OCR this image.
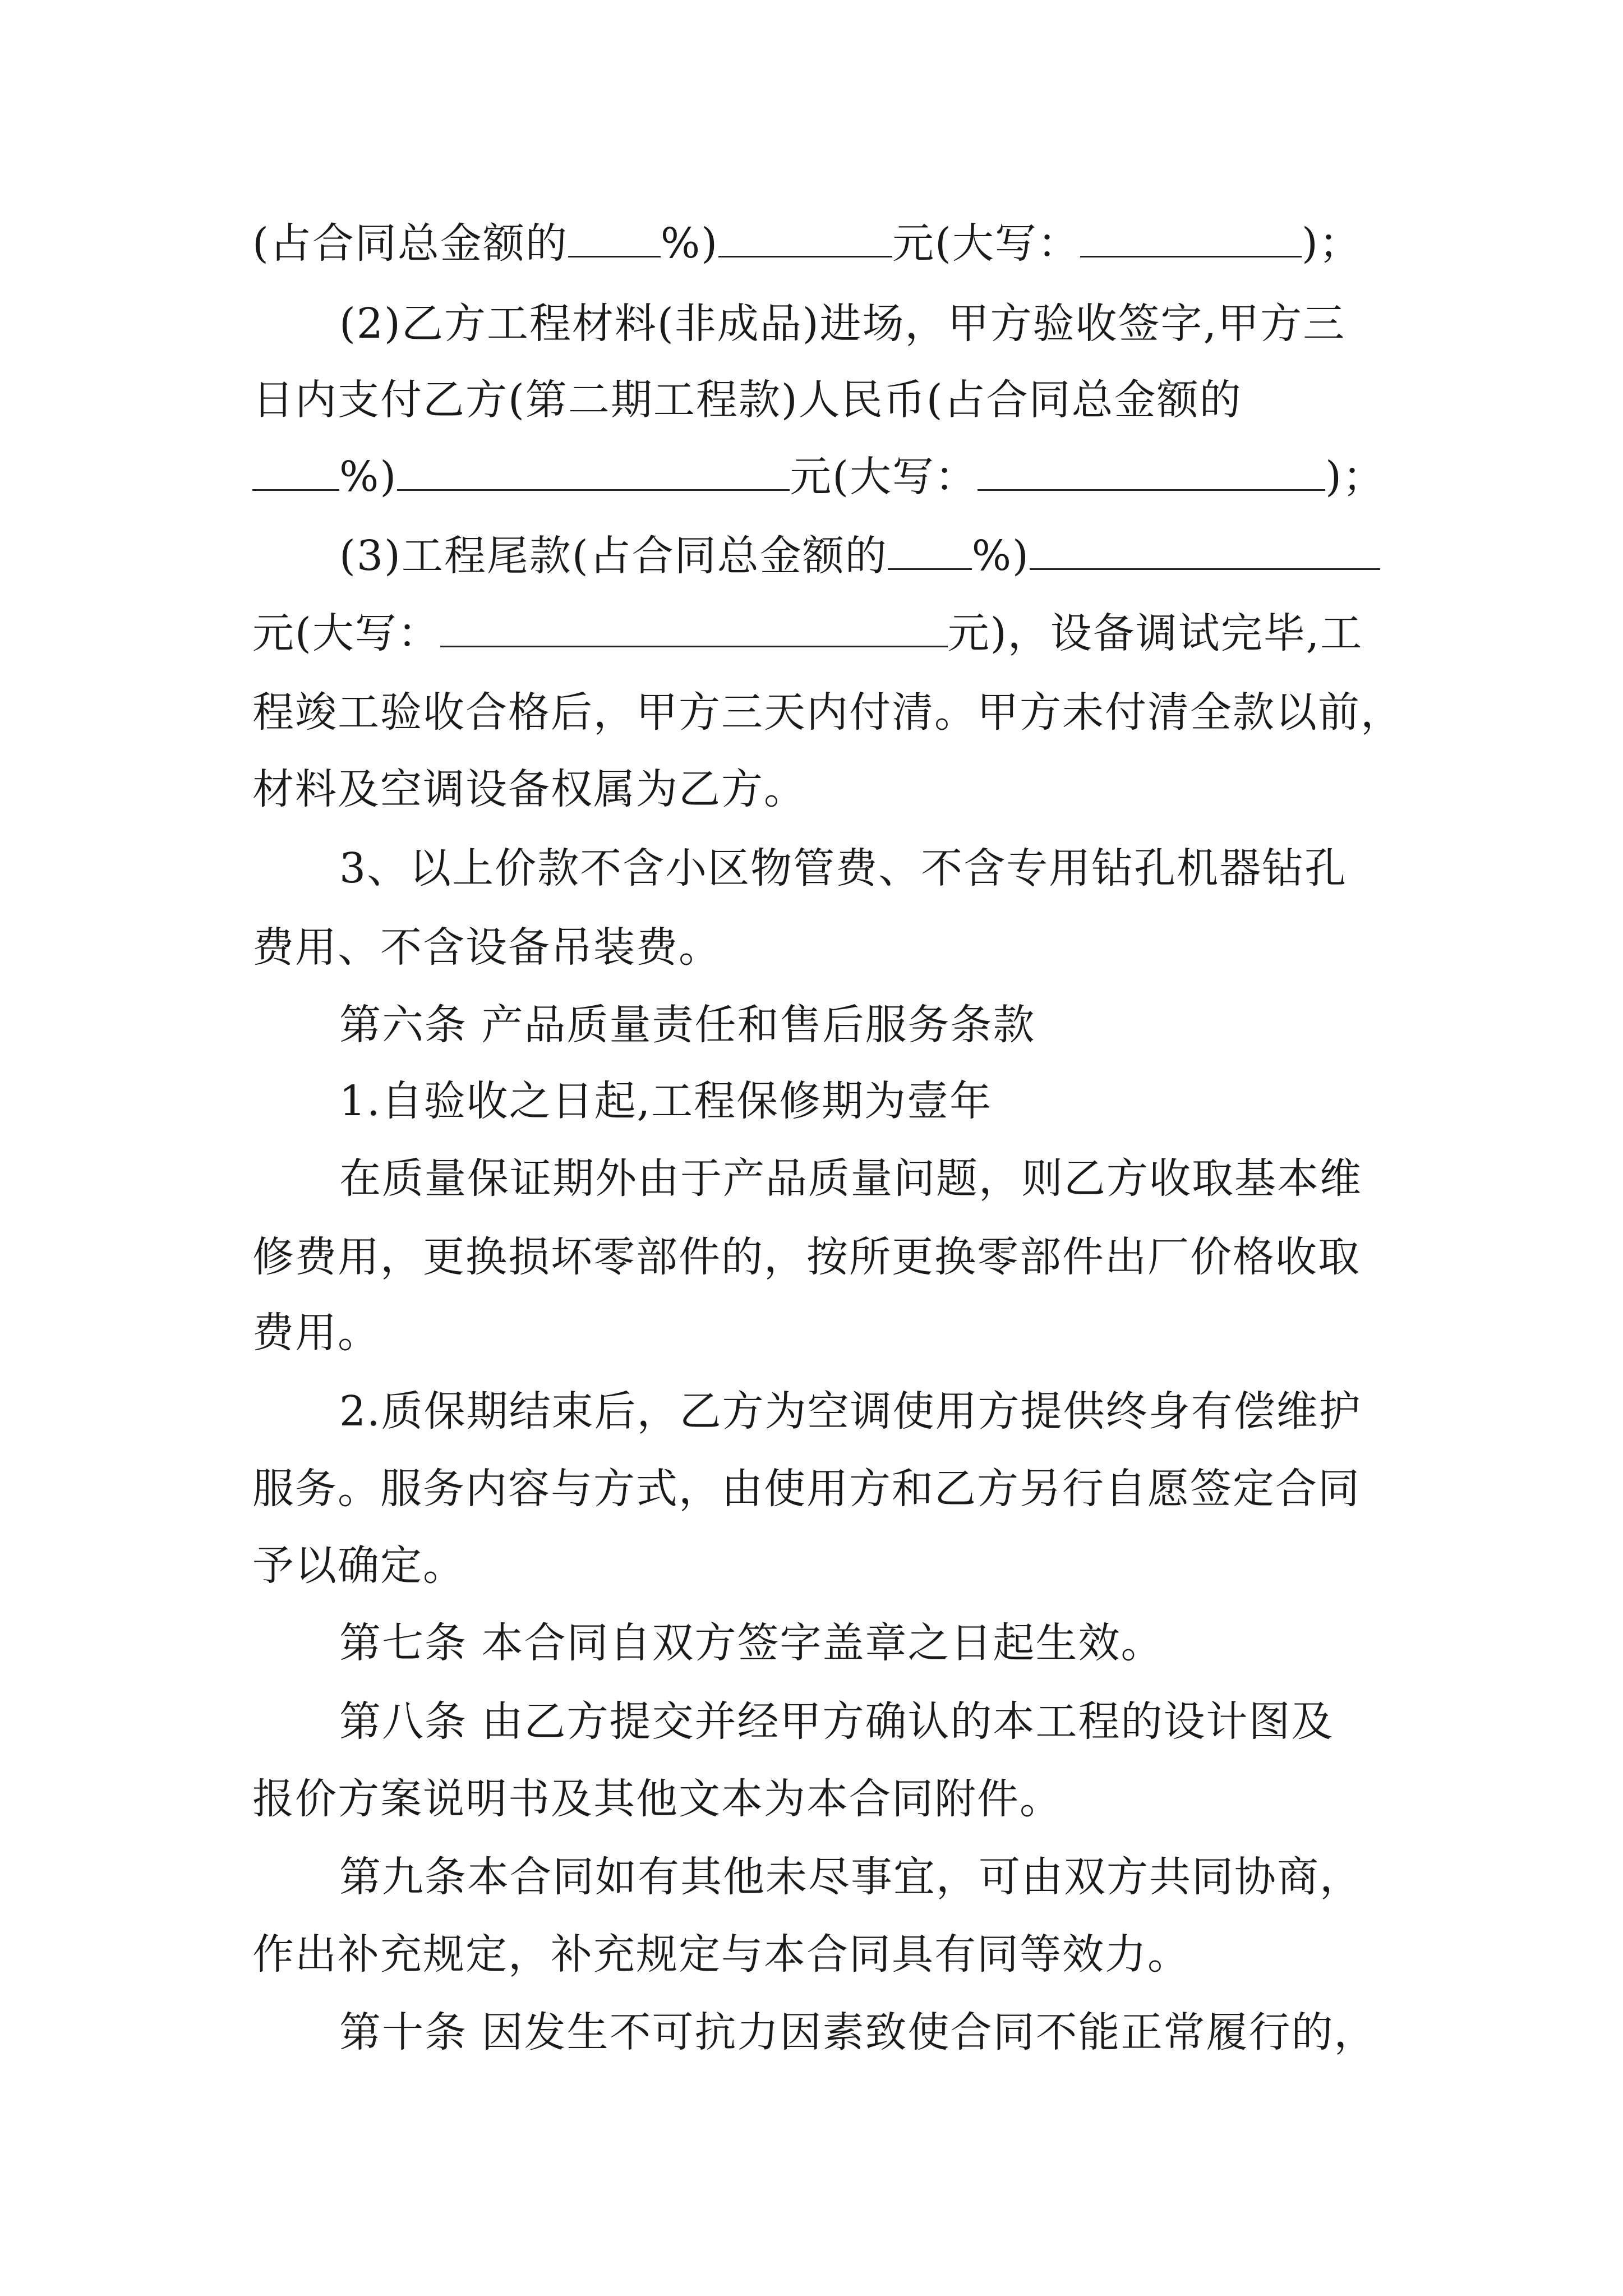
(占合同总金额的 %)	元(大写：	)；
(2)乙方工程材料(非成品)进场，甲方验收签字,甲方三
日内支付乙方(第二期工程款)人民币(占合同总金额的
%)	元(大写：	)；
(3)工程尾款(占合同总金额的 %)
元(大写：	元)，设备调试完毕,工
程竣工验收合格后，甲方三天内付清。甲方未付清全款以前，
材料及空调设备权属为乙方。
3、以上价款不含小区物管费、不含专用钻孔机器钻孔
费用、不含设备吊装费。
第六条 产品质量责任和售后服务条款
1.自验收之日起,工程保修期为壹年
在质量保证期外由于产品质量问题，则乙方收取基本维
修费用，更换损坏零部件的，按所更换零部件出厂价格收取
费用。
2.质保期结束后，乙方为空调使用方提供终身有偿维护
服务。服务内容与方式，由使用方和乙方另行自愿签定合同
予以确定。
第七条 本合同自双方签字盖章之日起生效。
第八条 由乙方提交并经甲方确认的本工程的设计图及
报价方案说明书及其他文本为本合同附件。
第九条本合同如有其他未尽事宜，可由双方共同协商，
作出补充规定，补充规定与本合同具有同等效力。
第十条 因发生不可抗力因素致使合同不能正常履行的，
